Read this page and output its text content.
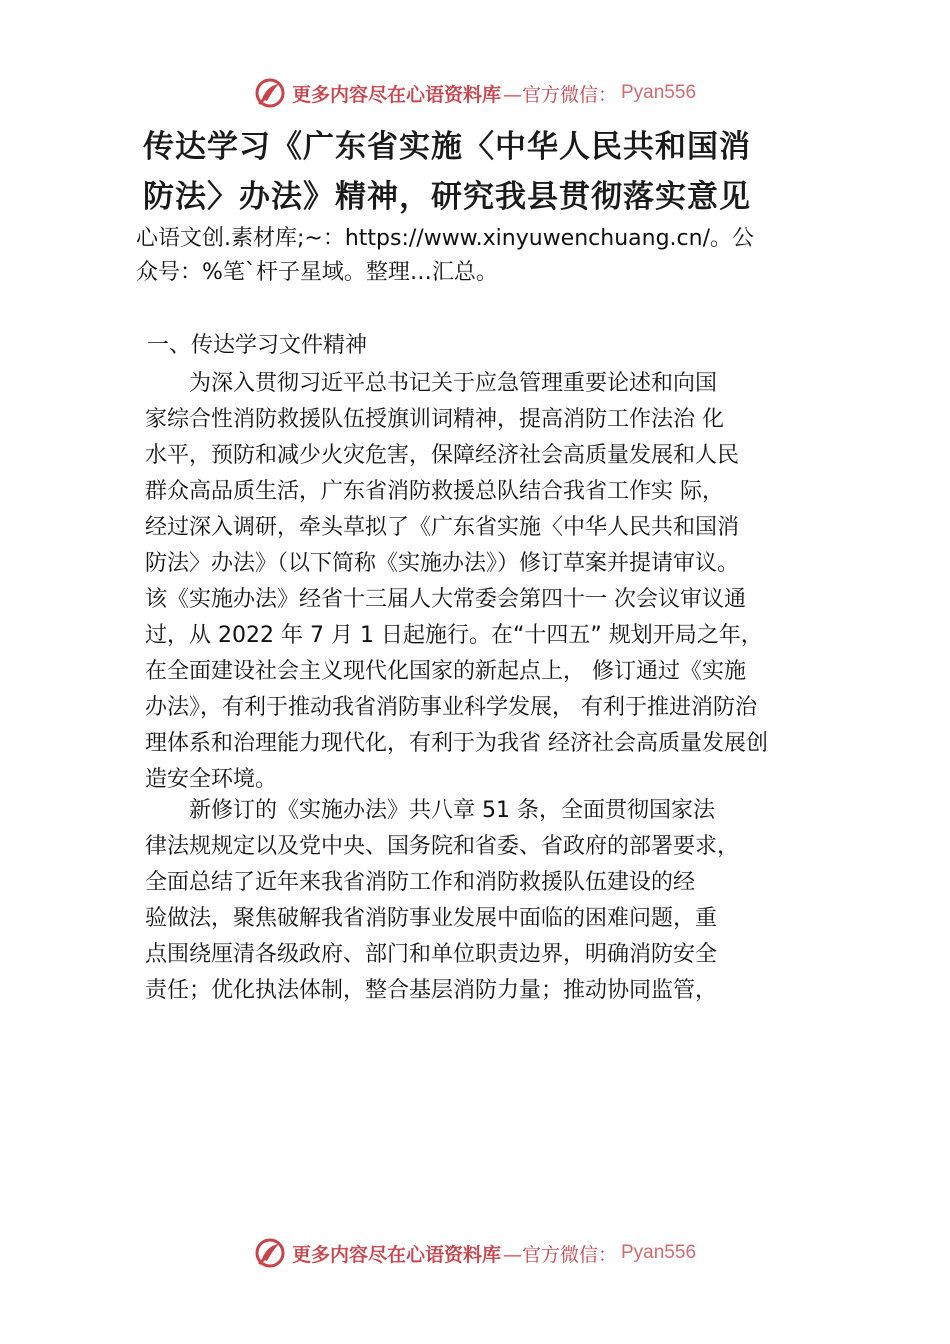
更多内容尽在心语资料库 —官方微信： Pyan556
传达学习《广东省实施〈中华人民共和国消
防法〉办法》精神，研究我县贯彻落实意见
心语文创.素材库;~：https://www.xinyuwenchuang.cn/。公
众号：%笔`杆子星域。整理…汇总。
一、传达学习文件精神
为深入贯彻习近平总书记关于应急管理重要论述和向国
家综合性消防救援队伍授旗训词精神，提高消防工作法治 化
水平，预防和减少火灾危害，保障经济社会高质量发展和人民
群众高品质生活，广东省消防救援总队结合我省工作实 际，
经过深入调研，牵头草拟了《广东省实施〈中华人民共和国消
防法〉办法》（以下简称《实施办法》）修订草案并提请审议。
该《实施办法》经省十三届人大常委会第四十一 次会议审议通
过，从 2022 年 7 月 1 日起施行。在“十四五” 规划开局之年，
在全面建设社会主义现代化国家的新起点上， 修订通过《实施
办法》，有利于推动我省消防事业科学发展， 有利于推进消防治
理体系和治理能力现代化，有利于为我省 经济社会高质量发展创
造安全环境。
新修订的《实施办法》共八章 51 条，全面贯彻国家法
律法规规定以及党中央、国务院和省委、省政府的部署要求，
全面总结了近年来我省消防工作和消防救援队伍建设的经
验做法，聚焦破解我省消防事业发展中面临的困难问题，重
点围绕厘清各级政府、部门和单位职责边界，明确消防安全
责任；优化执法体制，整合基层消防力量；推动协同监管，
更多内容尽在心语资料库 —官方微信： Pyan556
